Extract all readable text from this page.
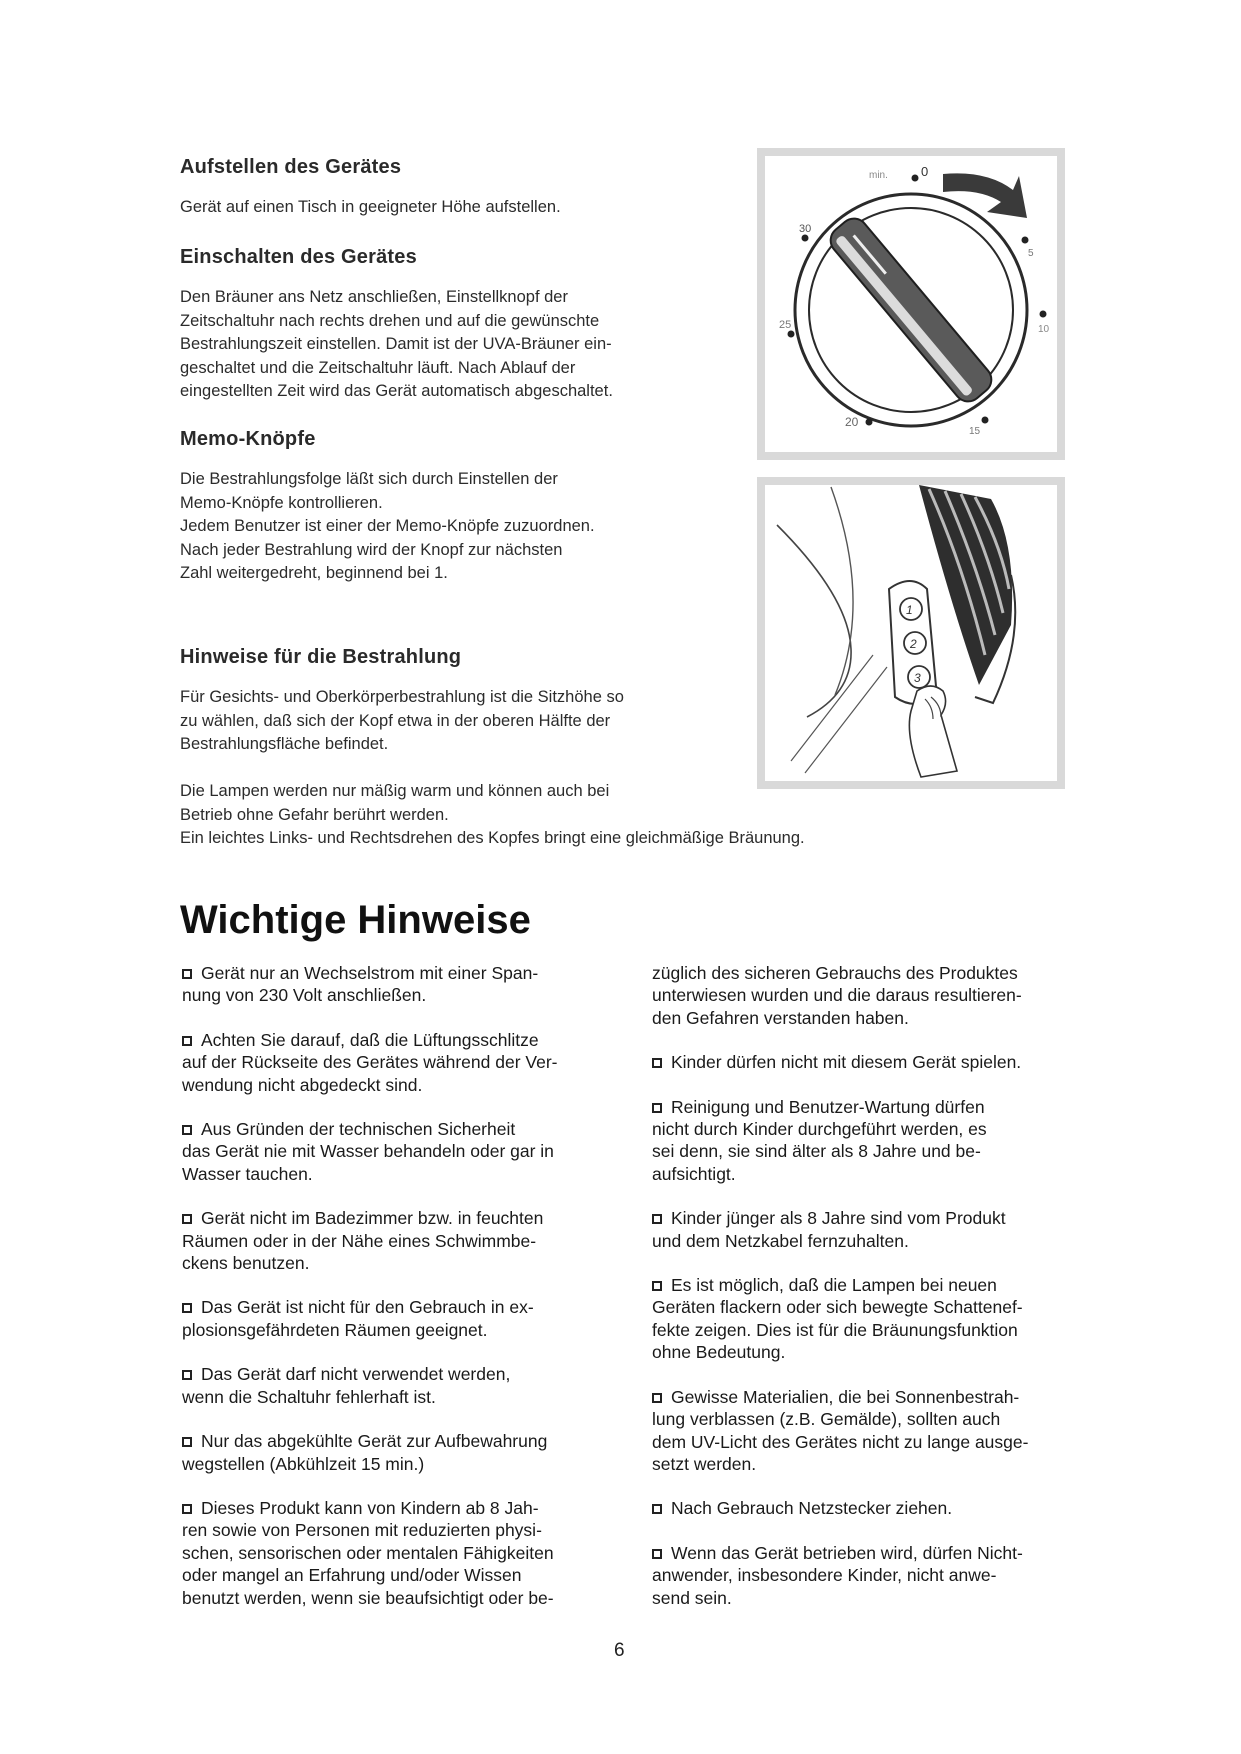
Aufstellen des Gerätes

Gerät auf einen Tisch in geeigneter Höhe aufstellen.

Einschalten des Gerätes

Den Bräuner ans Netz anschließen, Einstellknopf der
Zeitschaltuhr nach rechts drehen und auf die gewünschte
Bestrahlungszeit einstellen. Damit ist der UVA-Bräuner ein-
geschaltet und die Zeitschaltuhr läuft. Nach Ablauf der
eingestellten Zeit wird das Gerät automatisch abgeschaltet.

Memo-Knöpfe

Die Bestrahlungsfolge läßt sich durch Einstellen der
Memo-Knöpfe kontrollieren.
Jedem Benutzer ist einer der Memo-Knöpfe zuzuordnen.
Nach jeder Bestrahlung wird der Knopf zur nächsten
Zahl weitergedreht, beginnend bei 1.

Hinweise für die Bestrahlung

Für Gesichts- und Oberkörperbestrahlung ist die Sitzhöhe so
zu wählen, daß sich der Kopf etwa in der oberen Hälfte der
Bestrahlungsfläche befindet.

Die Lampen werden nur mäßig warm und können auch bei
Betrieb ohne Gefahr berührt werden.
Ein leichtes Links- und Rechtsdrehen des Kopfes bringt eine gleichmäßige Bräunung.

min.	0
5
10
15
20
25
30
1
2
3
Wichtige Hinweise

Gerät nur an Wechselstrom mit einer Span-
nung von 230 Volt anschließen.

Achten Sie darauf, daß die Lüftungsschlitze
auf der Rückseite des Gerätes während der Ver-
wendung nicht abgedeckt sind.

Aus Gründen der technischen Sicherheit
das Gerät nie mit Wasser behandeln oder gar in
Wasser tauchen.

Gerät nicht im Badezimmer bzw. in feuchten
Räumen oder in der Nähe eines Schwimmbe-
ckens benutzen.

Das Gerät ist nicht für den Gebrauch in ex-
plosionsgefährdeten Räumen geeignet.

Das Gerät darf nicht verwendet werden,
wenn die Schaltuhr fehlerhaft ist.

Nur das abgekühlte Gerät zur Aufbewahrung
wegstellen (Abkühlzeit 15 min.)

Dieses Produkt kann von Kindern ab 8 Jah-
ren sowie von Personen mit reduzierten physi-
schen, sensorischen oder mentalen Fähigkeiten
oder mangel an Erfahrung und/oder Wissen
benutzt werden, wenn sie beaufsichtigt oder be-

züglich des sicheren Gebrauchs des Produktes
unterwiesen wurden und die daraus resultieren-
den Gefahren verstanden haben.

Kinder dürfen nicht mit diesem Gerät spielen.

Reinigung und Benutzer-Wartung dürfen
nicht durch Kinder durchgeführt werden, es
sei denn, sie sind älter als 8 Jahre und be-
aufsichtigt.

Kinder jünger als 8 Jahre sind vom Produkt
und dem Netzkabel fernzuhalten.

Es ist möglich, daß die Lampen bei neuen
Geräten flackern oder sich bewegte Schattenef-
fekte zeigen. Dies ist für die Bräunungsfunktion
ohne Bedeutung.

Gewisse Materialien, die bei Sonnenbestrah-
lung verblassen (z.B. Gemälde), sollten auch
dem UV-Licht des Gerätes nicht zu lange ausge-
setzt werden.

Nach Gebrauch Netzstecker ziehen.

Wenn das Gerät betrieben wird, dürfen Nicht-
anwender, insbesondere Kinder, nicht anwe-
send sein.

6
